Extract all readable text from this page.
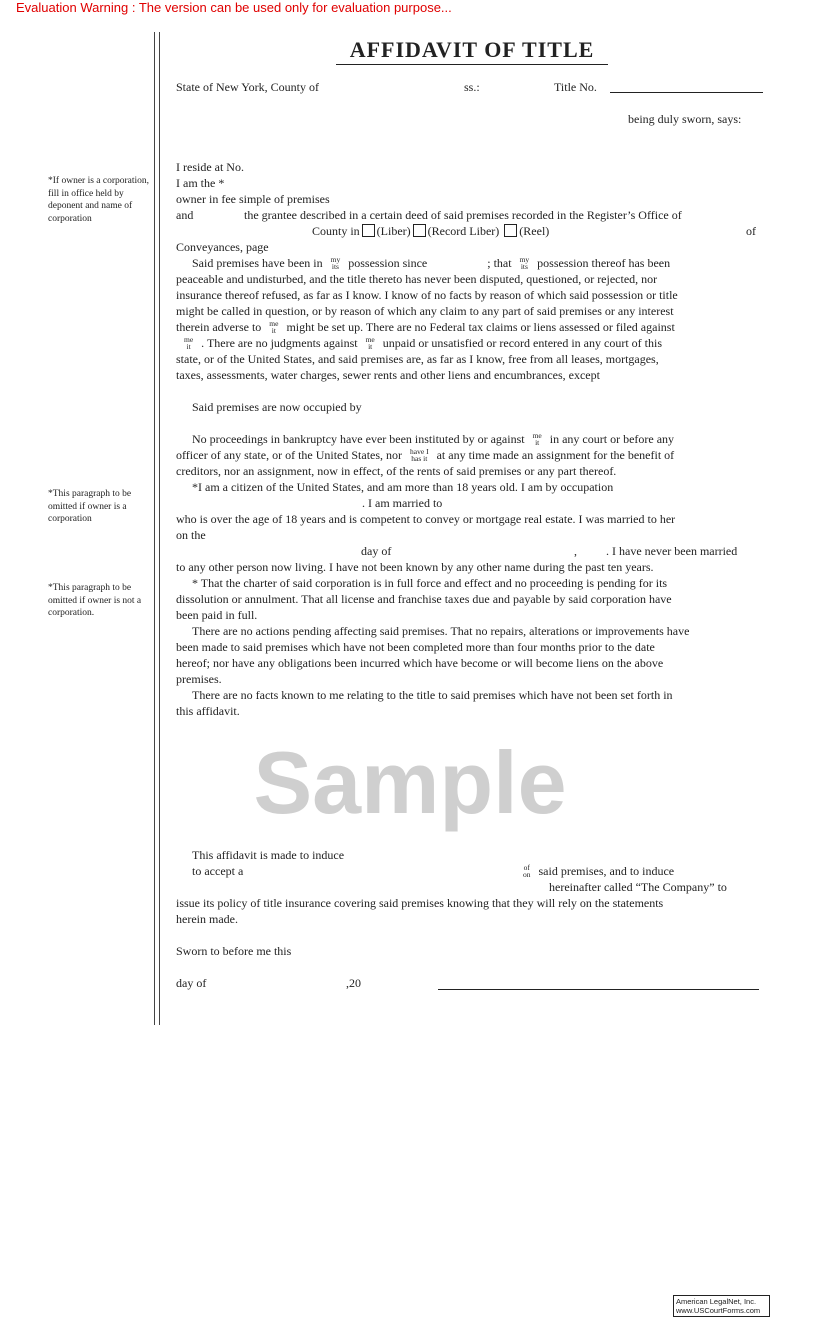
Evaluation Warning : The version can be used only for evaluation purpose...
AFFIDAVIT OF TITLE
State of New York, County of	ss.:	Title No.
being duly sworn, says:
*If owner is a corporation, fill in office held by deponent and name of corporation
*This paragraph to be omitted if owner is a corporation
*This paragraph to be omitted if owner is not a corporation.
I reside at No.
I am the *
owner in fee simple of premises
and	the grantee described in a certain deed of said premises recorded in the Register’s Office of
County in (Liber) (Record Liber) (Reel)	of
Conveyances, page
Said premises have been in my
its possession since	; that my
its possession thereof has been
peaceable and undisturbed, and the title thereto has never been disputed, questioned, or rejected, nor
insurance thereof refused, as far as I know. I know of no facts by reason of which said possession or title
might be called in question, or by reason of which any claim to any part of said premises or any interest
therein adverse to me
it might be set up. There are no Federal tax claims or liens assessed or filed against
me
it . There are no judgments against me
it unpaid or unsatisfied or record entered in any court of this
state, or of the United States, and said premises are, as far as I know, free from all leases, mortgages,
taxes, assessments, water charges, sewer rents and other liens and encumbrances, except
Said premises are now occupied by
No proceedings in bankruptcy have ever been instituted by or against me
it in any court or before any
officer of any state, or of the United States, nor have I
has it at any time made an assignment for the benefit of
creditors, nor an assignment, now in effect, of the rents of said premises or any part thereof.
*I am a citizen of the United States, and am more than 18 years old. I am by occupation
. I am married to
who is over the age of 18 years and is competent to convey or mortgage real estate. I was married to her
on the
day of	, . I have never been married
to any other person now living. I have not been known by any other name during the past ten years.
* That the charter of said corporation is in full force and effect and no proceeding is pending for its
dissolution or annulment. That all license and franchise taxes due and payable by said corporation have
been paid in full.
There are no actions pending affecting said premises. That no repairs, alterations or improvements have
been made to said premises which have not been completed more than four months prior to the date
hereof; nor have any obligations been incurred which have become or will become liens on the above
premises.
There are no facts known to me relating to the title to said premises which have not been set forth in
this affidavit.
Sample
This affidavit is made to induce
to accept a	of
on said premises, and to induce
hereinafter called “The Company” to
issue its policy of title insurance covering said premises knowing that they will rely on the statements
herein made.
Sworn to before me this
day of	,20
American LegalNet, Inc.
www.USCourtForms.com
